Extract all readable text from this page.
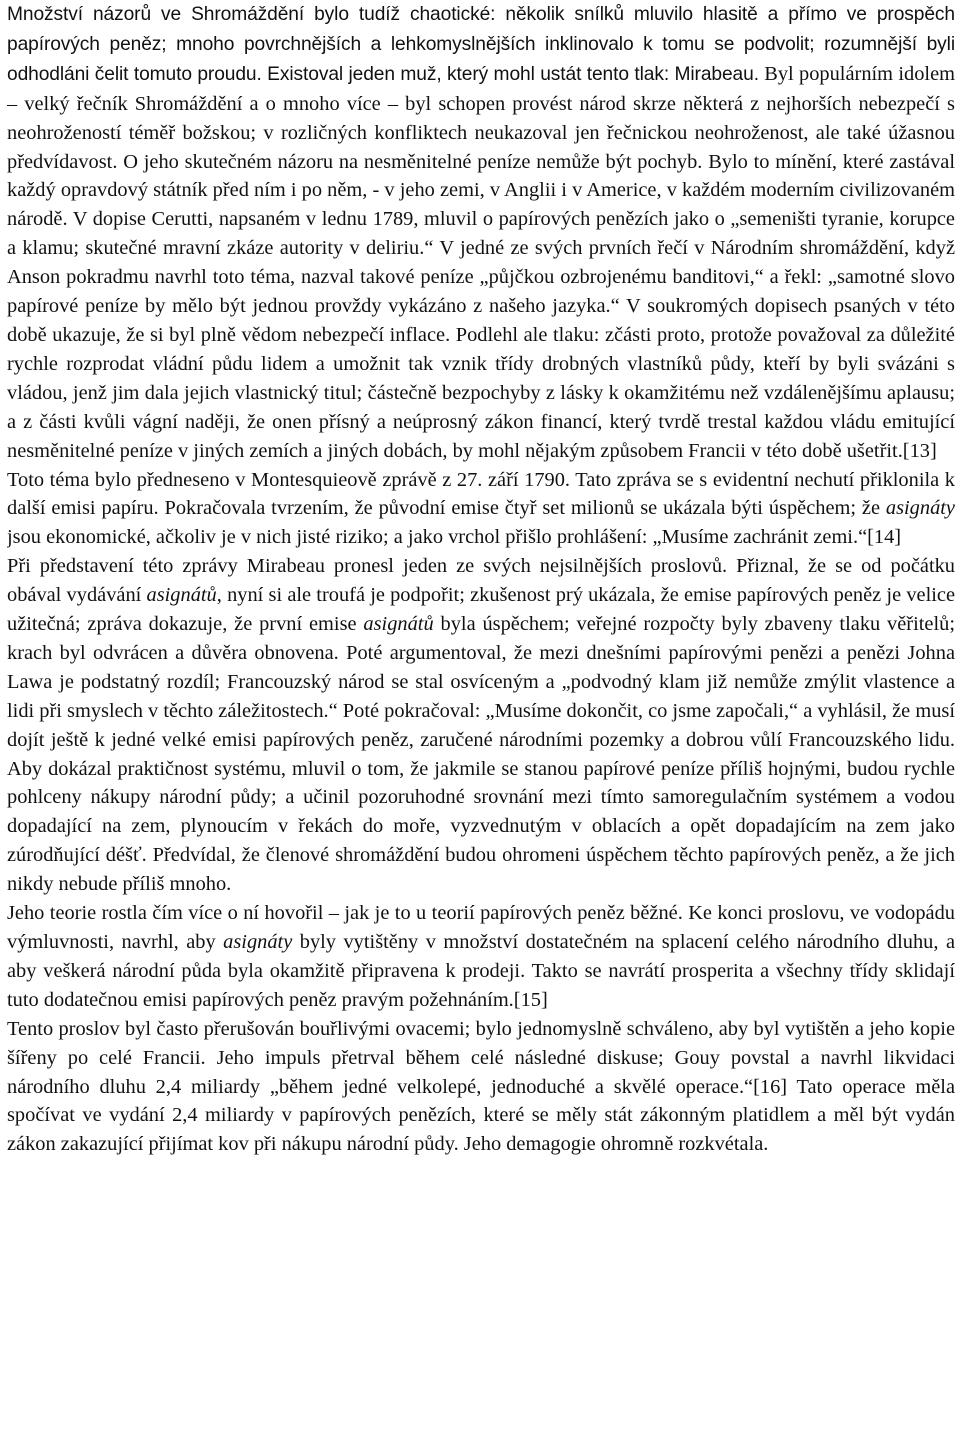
Množství názorů ve Shromáždění bylo tudíž chaotické: několik snílků mluvilo hlasitě a přímo ve prospěch papírových peněz; mnoho povrchnějších a lehkomyslnějších inklinovalo k tomu se podvolit; rozumnější byli odhodláni čelit tomuto proudu. Existoval jeden muž, který mohl ustát tento tlak: Mirabeau. Byl populárním idolem – velký řečník Shromáždění a o mnoho více – byl schopen provést národ skrze některá z nejhorších nebezpečí s neohrožeností téměř božskou; v rozličných konfliktech neukazoval jen řečnickou neohroženost, ale také úžasnou předvídavost. O jeho skutečném názoru na nesměnitelné peníze nemůže být pochyb. Bylo to mínění, které zastával každý opravdový státník před ním i po něm, - v jeho zemi, v Anglii i v Americe, v každém moderním civilizovaném národě. V dopise Cerutti, napsaném v lednu 1789, mluvil o papírových penězích jako o „semeništi tyranie, korupce a klamu; skutečné mravní zkáze autority v deliriu.“ V jedné ze svých prvních řečí v Národním shromáždění, když Anson pokradmu navrhl toto téma, nazval takové peníze „půjčkou ozbrojenému banditovi,“ a řekl: „samotné slovo papírové peníze by mělo být jednou provždy vykázáno z našeho jazyka.“ V soukromých dopisech psaných v této době ukazuje, že si byl plně vědom nebezpečí inflace. Podlehl ale tlaku: zčásti proto, protože považoval za důležité rychle rozprodat vládní půdu lidem a umožnit tak vznik třídy drobných vlastníků půdy, kteří by byli svázáni s vládou, jenž jim dala jejich vlastnický titul; částečně bezpochyby z lásky k okamžitému než vzdálenějšímu aplausu; a z části kvůli vágní naději, že onen přísný a neúprosný zákon financí, který tvrdě trestal každou vládu emitující nesměnitelné peníze v jiných zemích a jiných dobách, by mohl nějakým způsobem Francii v této době ušetřit.[13]

Toto téma bylo předneseno v Montesquieově zprávě z 27. září 1790. Tato zpráva se s evidentní nechutí přiklonila k další emisi papíru. Pokračovala tvrzením, že původní emise čtyř set milionů se ukázala býti úspěchem; že asignáty jsou ekonomické, ačkoliv je v nich jisté riziko; a jako vrchol přišlo prohlášení: „Musíme zachránit zemi.“[14]

Při představení této zprávy Mirabeau pronesl jeden ze svých nejsilnějších proslovů. Přiznal, že se od počátku obával vydávání asignátů, nyní si ale troufá je podpořit; zkušenost prý ukázala, že emise papírových peněz je velice užitečná; zpráva dokazuje, že první emise asignátů byla úspěchem; veřejné rozpočty byly zbaveny tlaku věřitelů; krach byl odvrácen a důvěra obnovena. Poté argumentoval, že mezi dnešními papírovými penězi a penězi Johna Lawa je podstatný rozdíl; Francouzský národ se stal osvíceným a „podvodný klam již nemůže zmýlit vlastence a lidi při smyslech v těchto záležitostech.“ Poté pokračoval: „Musíme dokončit, co jsme započali,“ a vyhlásil, že musí dojít ještě k jedné velké emisi papírových peněz, zaručené národními pozemky a dobrou vůlí Francouzského lidu. Aby dokázal praktičnost systému, mluvil o tom, že jakmile se stanou papírové peníze příliš hojnými, budou rychle pohlceny nákupy národní půdy; a učinil pozoruhodné srovnání mezi tímto samoregulačním systémem a vodou dopadající na zem, plynoucím v řekách do moře, vyzvednutým v oblacích a opět dopadajícím na zem jako zúrodňující déšť. Předvídal, že členové shromáždění budou ohromeni úspěchem těchto papírových peněz, a že jich nikdy nebude příliš mnoho.

Jeho teorie rostla čím více o ní hovořil – jak je to u teorií papírových peněz běžné. Ke konci proslovu, ve vodopádu výmluvnosti, navrhl, aby asignáty byly vytištěny v množství dostatečném na splacení celého národního dluhu, a aby veškerá národní půda byla okamžitě připravena k prodeji. Takto se navrátí prosperita a všechny třídy sklidají tuto dodatečnou emisi papírových peněz pravým požehnáním.[15]

Tento proslov byl často přerušován bouřlivými ovacemi; bylo jednomyslně schváleno, aby byl vytištěn a jeho kopie šířeny po celé Francii. Jeho impuls přetrval během celé následné diskuse; Gouy povstal a navrhl likvidaci národního dluhu 2,4 miliardy „během jedné velkolepé, jednoduché a skvělé operace.“[16] Tato operace měla spočívat ve vydání 2,4 miliardy v papírových penězích, které se měly stát zákonným platidlem a měl být vydán zákon zakazující přijímat kov při nákupu národní půdy. Jeho demagogie ohromně rozkvétala.
